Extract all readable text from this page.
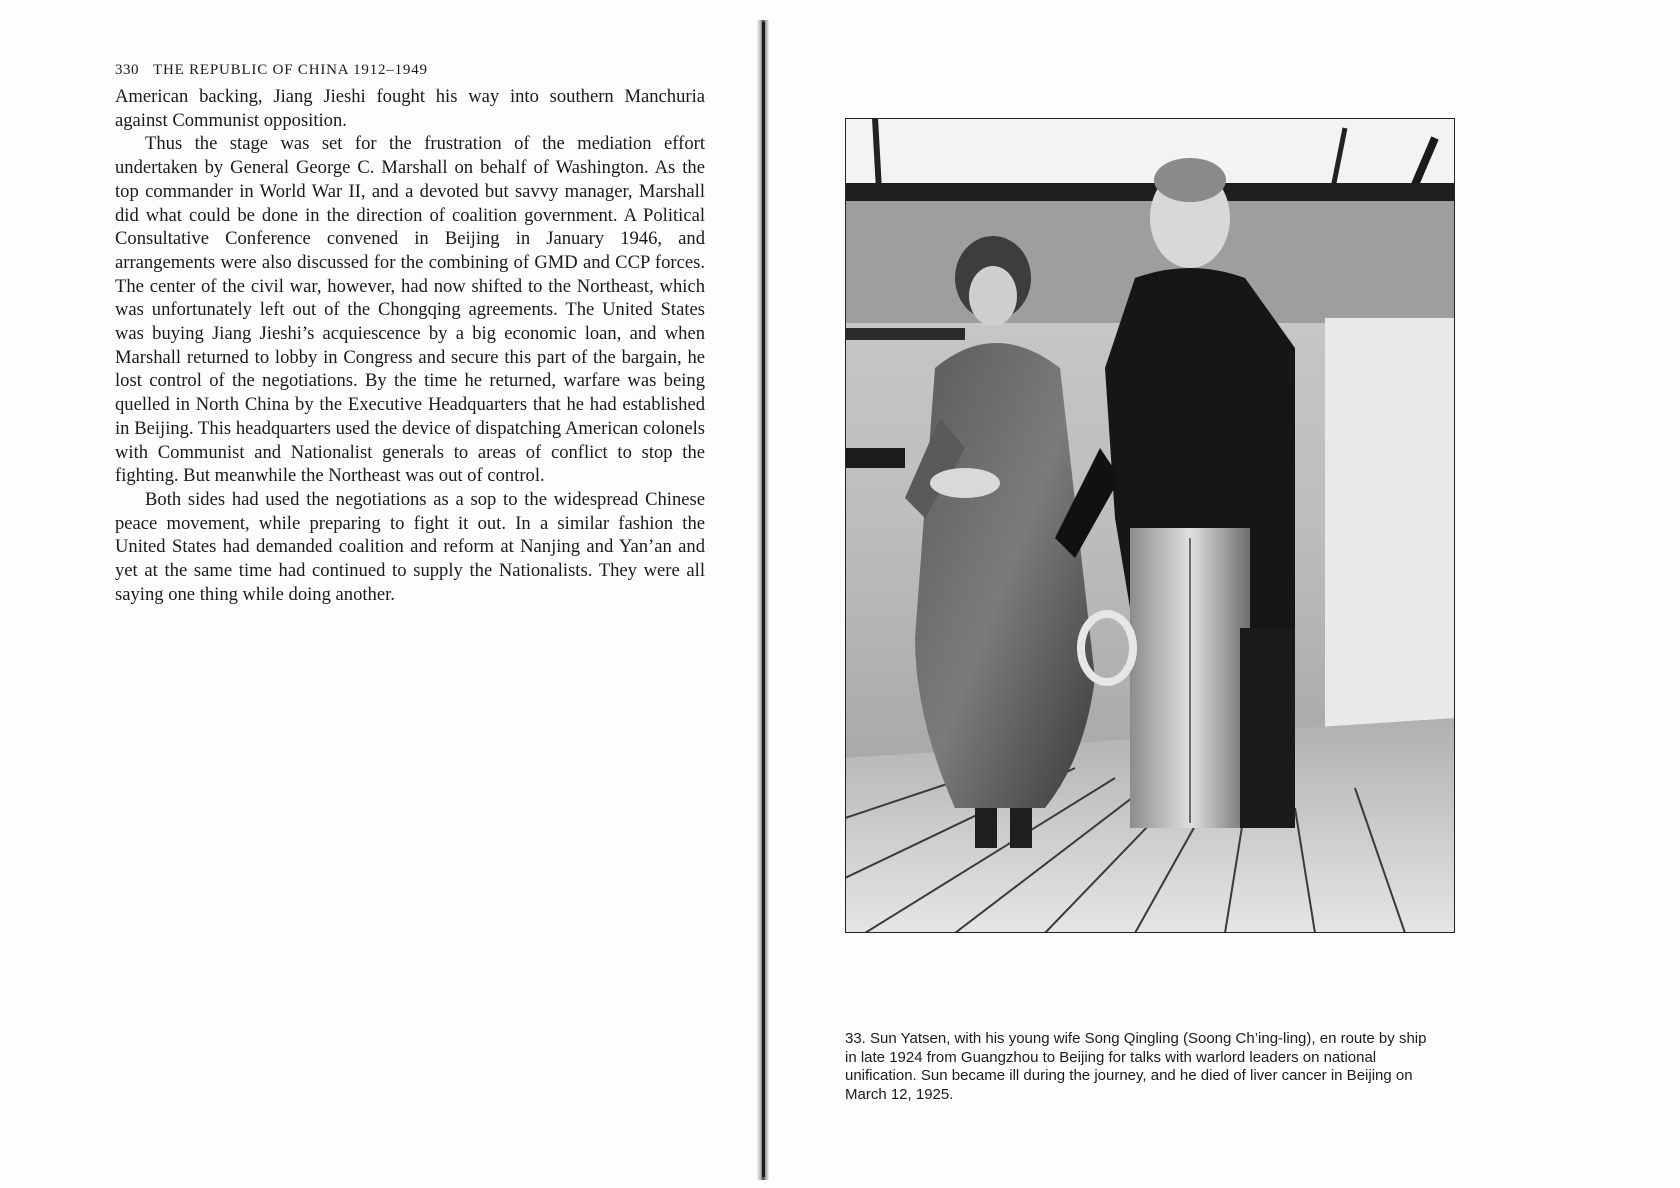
330 THE REPUBLIC OF CHINA 1912–1949

American backing, Jiang Jieshi fought his way into southern Manchuria against Communist opposition.

Thus the stage was set for the frustration of the mediation effort undertaken by General George C. Marshall on behalf of Washington. As the top commander in World War II, and a devoted but savvy manager, Marshall did what could be done in the direction of coalition government. A Political Consultative Conference convened in Beijing in January 1946, and arrangements were also discussed for the combining of GMD and CCP forces. The center of the civil war, however, had now shifted to the Northeast, which was unfortunately left out of the Chongqing agreements. The United States was buying Jiang Jieshi’s acquiescence by a big economic loan, and when Marshall returned to lobby in Congress and secure this part of the bargain, he lost control of the negotiations. By the time he returned, warfare was being quelled in North China by the Executive Headquarters that he had established in Beijing. This headquarters used the device of dispatching American colonels with Communist and Nationalist generals to areas of conflict to stop the fighting. But meanwhile the Northeast was out of control.

Both sides had used the negotiations as a sop to the widespread Chinese peace movement, while preparing to fight it out. In a similar fashion the United States had demanded coalition and reform at Nanjing and Yan’an and yet at the same time had continued to supply the Nationalists. They were all saying one thing while doing another.

33. Sun Yatsen, with his young wife Song Qingling (Soong Ch’ing-ling), en route by ship in late 1924 from Guangzhou to Beijing for talks with warlord leaders on national unification. Sun became ill during the journey, and he died of liver cancer in Beijing on March 12, 1925.
